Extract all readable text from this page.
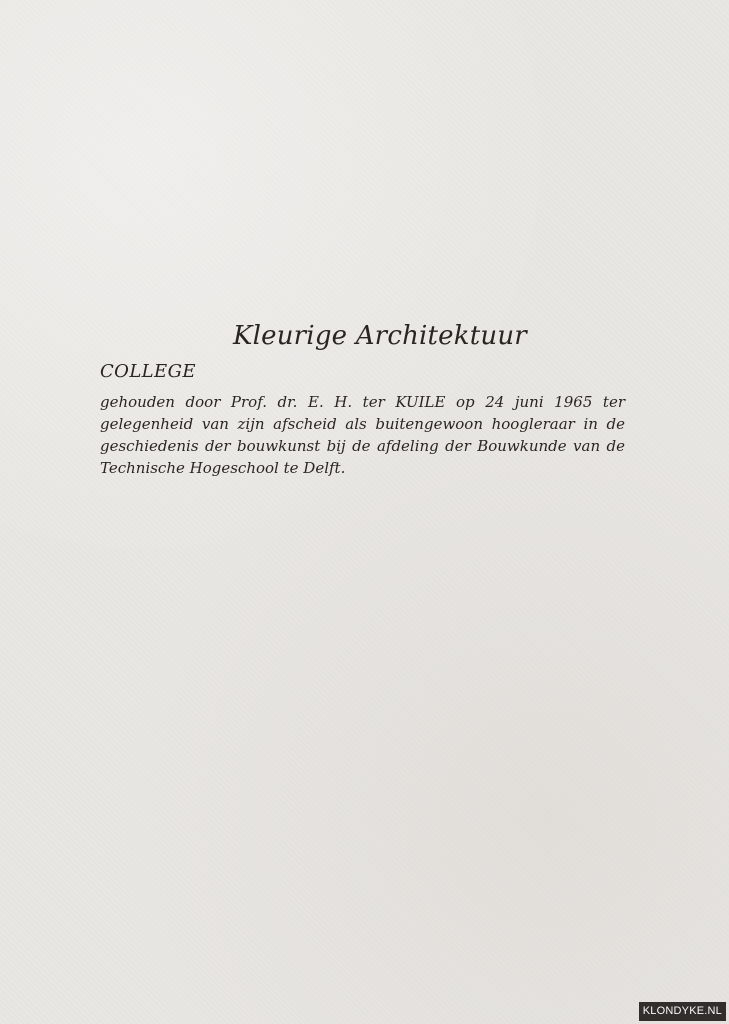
Kleurige Architektuur
COLLEGE
gehouden door Prof. dr. E. H. ter KUILE op 24 juni 1965 ter
gelegenheid van zijn afscheid als buitengewoon hoogleraar in de
geschiedenis der bouwkunst bij de afdeling der Bouwkunde van de
Technische Hogeschool te Delft.
KLONDYKE.NL
